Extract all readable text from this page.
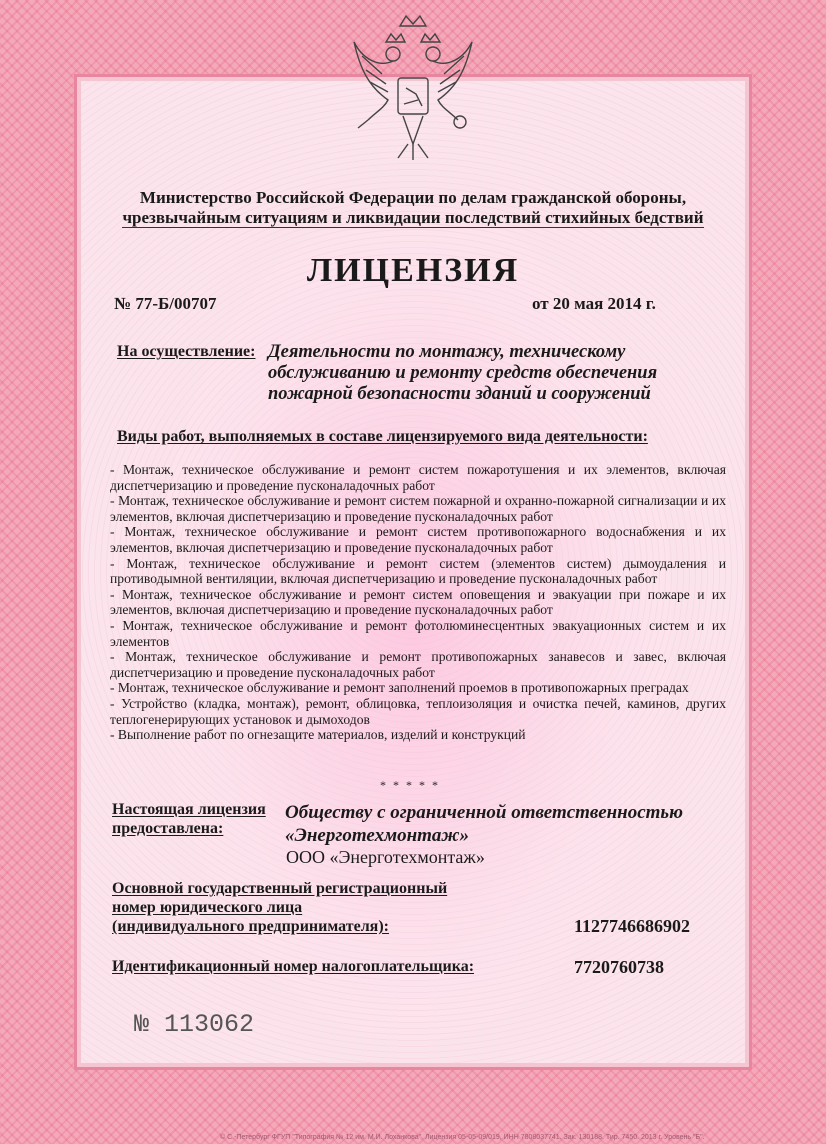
Министерство Российской Федерации по делам гражданской обороны,
чрезвычайным ситуациям и ликвидации последствий стихийных бедствий
ЛИЦЕНЗИЯ
№ 77-Б/00707	от 20 мая 2014 г.
На осуществление: Деятельности по монтажу, техническому обслуживанию и ремонту средств обеспечения пожарной безопасности зданий и сооружений
Виды работ, выполняемых в составе лицензируемого вида деятельности:

- Монтаж, техническое обслуживание и ремонт систем пожаротушения и их элементов, включая диспетчеризацию и проведение пусконаладочных работ

- Монтаж, техническое обслуживание и ремонт систем пожарной и охранно-пожарной сигнализации и их элементов, включая диспетчеризацию и проведение пусконаладочных работ

- Монтаж, техническое обслуживание и ремонт систем противопожарного водоснабжения и их элементов, включая диспетчеризацию и проведение пусконаладочных работ

- Монтаж, техническое обслуживание и ремонт систем (элементов систем) дымоудаления и противодымной вентиляции, включая диспетчеризацию и проведение пусконаладочных работ

- Монтаж, техническое обслуживание и ремонт систем оповещения и эвакуации при пожаре и их элементов, включая диспетчеризацию и проведение пусконаладочных работ

- Монтаж, техническое обслуживание и ремонт фотолюминесцентных эвакуационных систем и их элементов

- Монтаж, техническое обслуживание и ремонт противопожарных занавесов и завес, включая диспетчеризацию и проведение пусконаладочных работ

- Монтаж, техническое обслуживание и ремонт заполнений проемов в противопожарных преградах

- Устройство (кладка, монтаж), ремонт, облицовка, теплоизоляция и очистка печей, каминов, других теплогенерирующих установок и дымоходов

- Выполнение работ по огнезащите материалов, изделий и конструкций

* * * * *
Настоящая лицензия
предоставлена:
Обществу с ограниченной ответственностью
«Энерготехмонтаж»
ООО «Энерготехмонтаж»
Основной государственный регистрационный
номер юридического лица
(индивидуального предпринимателя):	1127746686902
Идентификационный номер налогоплательщика:	7720760738
№ 113062
© С.-Петербург ФГУП "Типография № 12 им. М.И. Лоханкова". Лицензия 05-05-09/019, ИНН 7808037741. Зак. 130188. Тир. 7450. 2013 г. Уровень "Б".
